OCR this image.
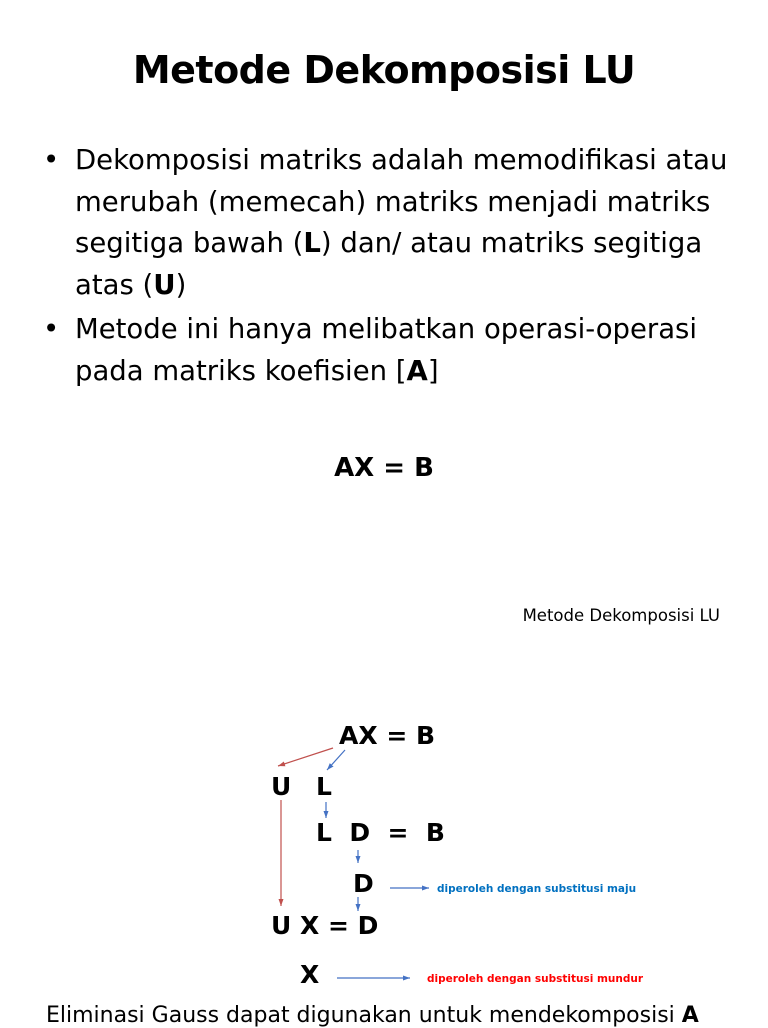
Metode Dekomposisi LU
• Dekomposisi matriks adalah memodifikasi atau merubah (memecah) matriks menjadi matriks segitiga bawah (L) dan/ atau matriks segitiga atas (U)
• Metode ini hanya melibatkan operasi-operasi pada matriks koefisien [A]
AX = B
Metode Dekomposisi LU
AX = B
U L
L  D  =  B
D
U X = D
X
diperoleh dengan substitusi maju
diperoleh dengan substitusi mundur
Eliminasi Gauss dapat digunakan untuk mendekomposisi A
